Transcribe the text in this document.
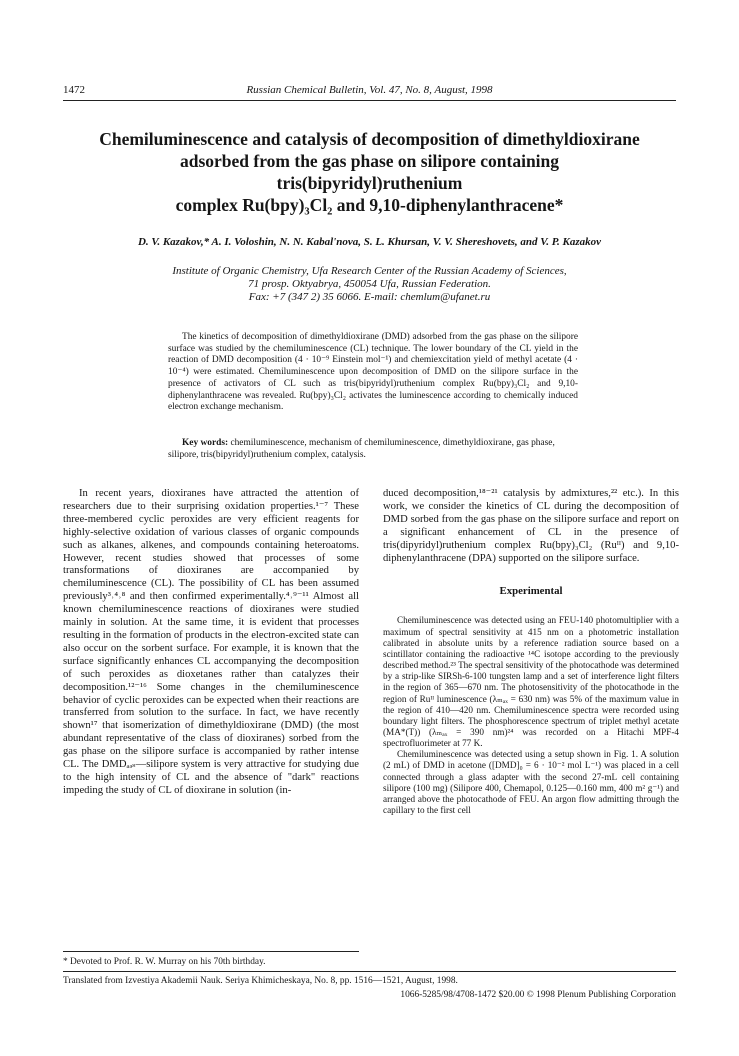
1472	Russian Chemical Bulletin, Vol. 47, No. 8, August, 1998
Chemiluminescence and catalysis of decomposition of dimethyldioxirane
adsorbed from the gas phase on silipore containing
tris(bipyridyl)ruthenium
complex Ru(bpy)₃Cl₂ and 9,10-diphenylanthracene*
D. V. Kazakov,* A. I. Voloshin, N. N. Kabal'nova, S. L. Khursan, V. V. Shereshovets, and V. P. Kazakov
Institute of Organic Chemistry, Ufa Research Center of the Russian Academy of Sciences,
71 prosp. Oktyabrya, 450054 Ufa, Russian Federation.
Fax: +7 (347 2) 35 6066. E-mail: chemlum@ufanet.ru

The kinetics of decomposition of dimethyldioxirane (DMD) adsorbed from the gas phase on the silipore surface was studied by the chemiluminescence (CL) technique. The lower boundary of the CL yield in the reaction of DMD decomposition (4 · 10⁻⁹ Einstein mol⁻¹) and chemiexcitation yield of methyl acetate (4 · 10⁻⁴) were estimated. Chemiluminescence upon decomposition of DMD on the silipore surface in the presence of activators of CL such as tris(bipyridyl)ruthenium complex Ru(bpy)₃Cl₂ and 9,10-diphenylanthracene was revealed. Ru(bpy)₃Cl₂ activates the luminescence according to chemically induced electron exchange mechanism.

Key words: chemiluminescence, mechanism of chemiluminescence, dimethyldioxirane, gas phase, silipore, tris(bipyridyl)ruthenium complex, catalysis.

In recent years, dioxiranes have attracted the attention of researchers due to their surprising oxidation properties.¹⁻⁷ These three-membered cyclic peroxides are very efficient reagents for highly-selective oxidation of various classes of organic compounds such as alkanes, alkenes, and compounds containing heteroatoms. However, recent studies showed that processes of some transformations of dioxiranes are accompanied by chemiluminescence (CL). The possibility of CL has been assumed previously³˒⁴˒⁸ and then confirmed experimentally.⁴˒⁹⁻¹¹ Almost all known chemiluminescence reactions of dioxiranes were studied mainly in solution. At the same time, it is evident that processes resulting in the formation of products in the electron-excited state can also occur on the sorbent surface. For example, it is known that the surface significantly enhances CL accompanying the decomposition of such peroxides as dioxetanes rather than catalyzes their decomposition.¹²⁻¹⁶ Some changes in the chemiluminescence behavior of cyclic peroxides can be expected when their reactions are transferred from solution to the surface. In fact, we have recently shown¹⁷ that isomerization of dimethyldioxirane (DMD) (the most abundant representative of the class of dioxiranes) sorbed from the gas phase on the silipore surface is accompanied by rather intense CL. The DMDₐₔₛ—silipore system is very attractive for studying due to the high intensity of CL and the absence of "dark" reactions impeding the study of CL of dioxirane in solution (in-

duced decomposition,¹⁸⁻²¹ catalysis by admixtures,²² etc.). In this work, we consider the kinetics of CL during the decomposition of DMD sorbed from the gas phase on the silipore surface and report on a significant enhancement of CL in the presence of tris(dipyridyl)ruthenium complex Ru(bpy)₃Cl₂ (Ruᴵᴵ) and 9,10-diphenylanthracene (DPA) supported on the silipore surface.

Experimental

Chemiluminescence was detected using an FEU-140 photomultiplier with a maximum of spectral sensitivity at 415 nm on a photometric installation calibrated in absolute units by a reference radiation source based on a scintillator containing the radioactive ¹⁴C isotope according to the previously described method.²³ The spectral sensitivity of the photocathode was determined by a strip-like SIRSh-6-100 tungsten lamp and a set of interference light filters in the region of 365—670 nm. The photosensitivity of the photocathode in the region of Ruᴵᴵ luminescence (λₘₐₓ = 630 nm) was 5% of the maximum value in the region of 410—420 nm. Chemiluminescence spectra were recorded using boundary light filters. The phosphorescence spectrum of triplet methyl acetate (MA*(T)) (λₘₐₓ = 390 nm)²⁴ was recorded on a Hitachi MPF-4 spectrofluorimeter at 77 K.

Chemiluminescence was detected using a setup shown in Fig. 1. A solution (2 mL) of DMD in acetone ([DMD]₀ = 6 · 10⁻² mol L⁻¹) was placed in a cell connected through a glass adapter with the second 27-mL cell containing silipore (100 mg) (Silipore 400, Chemapol, 0.125—0.160 mm, 400 m² g⁻¹) and arranged above the photocathode of FEU. An argon flow admitting through the capillary to the first cell

* Devoted to Prof. R. W. Murray on his 70th birthday.
Translated from Izvestiya Akademii Nauk. Seriya Khimicheskaya, No. 8, pp. 1516—1521, August, 1998.
1066-5285/98/4708-1472 $20.00 © 1998 Plenum Publishing Corporation
